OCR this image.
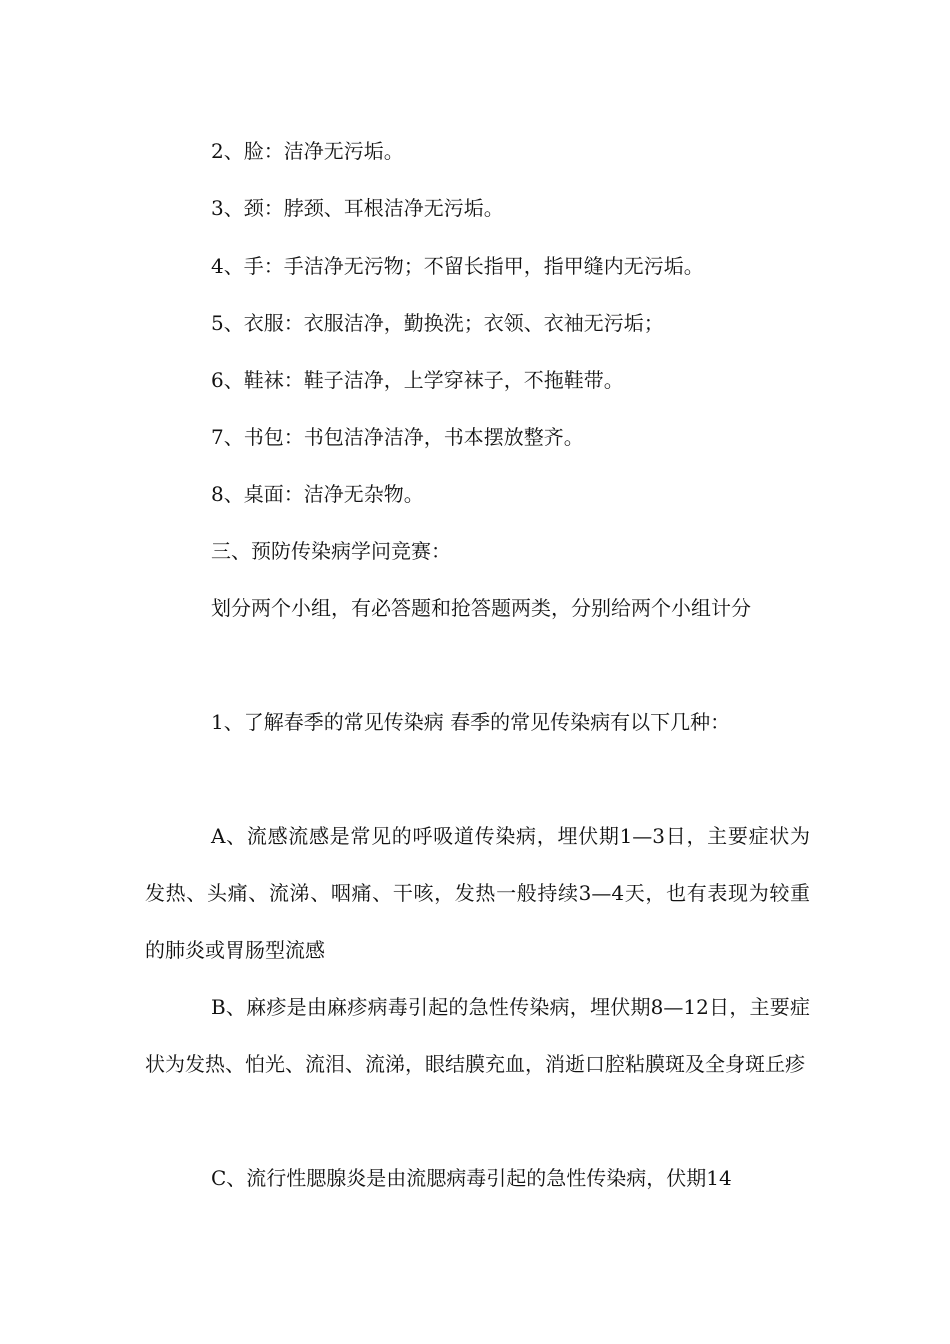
2、脸：洁净无污垢。

3、颈：脖颈、耳根洁净无污垢。

4、手：手洁净无污物；不留长指甲，指甲缝内无污垢。

5、衣服：衣服洁净，勤换洗；衣领、衣袖无污垢；

6、鞋袜：鞋子洁净，上学穿袜子，不拖鞋带。

7、书包：书包洁净洁净，书本摆放整齐。

8、桌面：洁净无杂物。

三、预防传染病学问竞赛：

划分两个小组，有必答题和抢答题两类，分别给两个小组计分

1、了解春季的常见传染病 春季的常见传染病有以下几种：

A、流感流感是常见的呼吸道传染病，埋伏期1—3日，主要症状为发热、头痛、流涕、咽痛、干咳，发热一般持续3—4天，也有表现为较重的肺炎或胃肠型流感

B、麻疹是由麻疹病毒引起的急性传染病，埋伏期8—12日，主要症状为发热、怕光、流泪、流涕，眼结膜充血，消逝口腔粘膜斑及全身斑丘疹

C、流行性腮腺炎是由流腮病毒引起的急性传染病，伏期14
